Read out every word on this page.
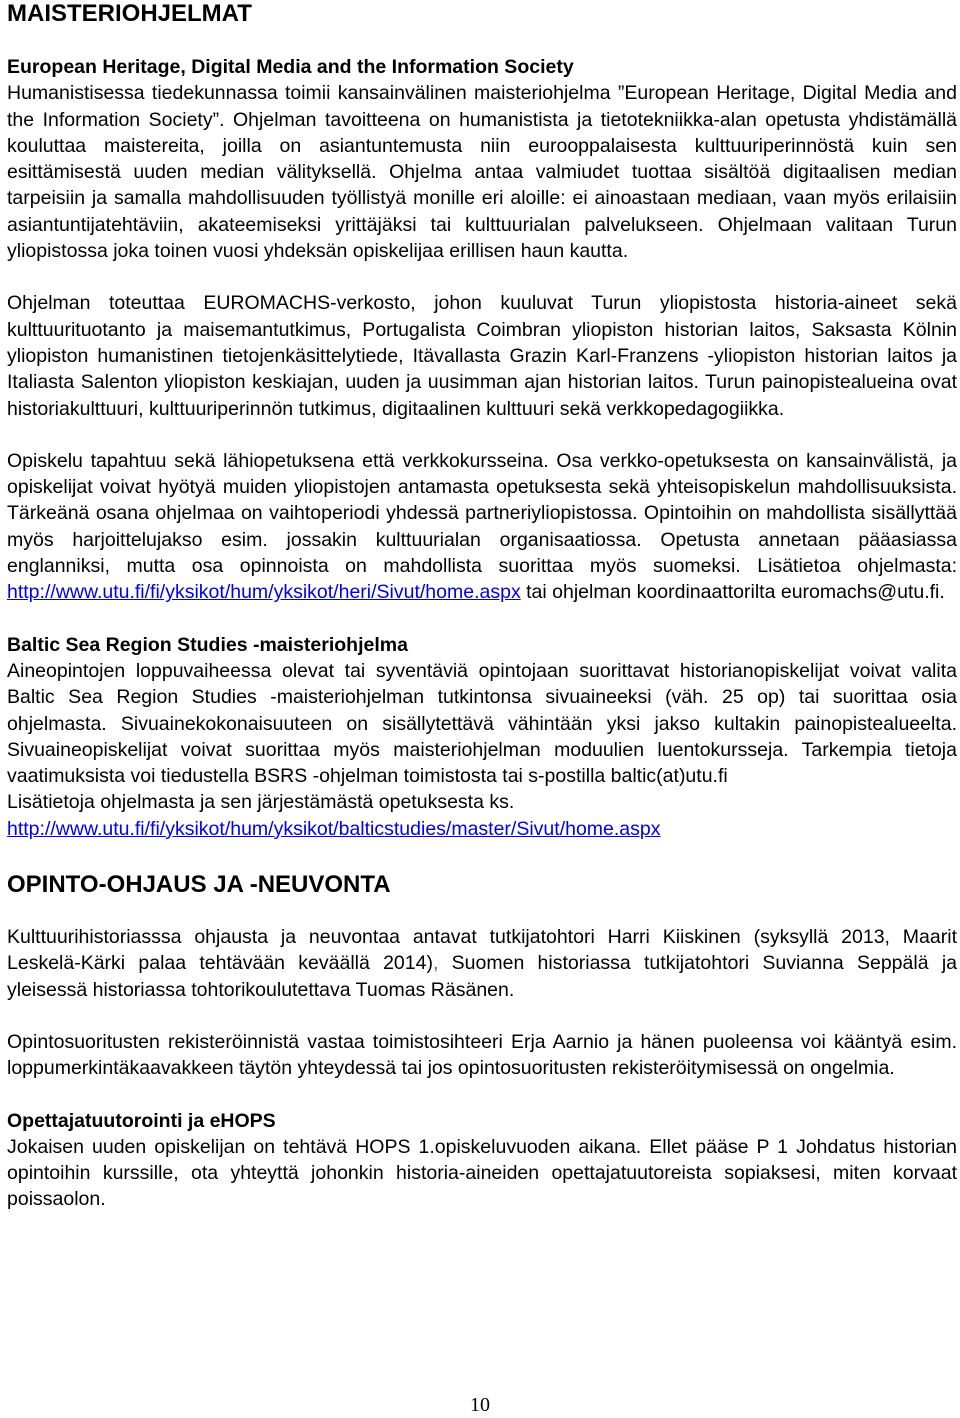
MAISTERIOHJELMAT
European Heritage, Digital Media and the Information Society

Humanistisessa tiedekunnassa toimii kansainvälinen maisteriohjelma ”European Heritage, Digital Media and the Information Society”. Ohjelman tavoitteena on humanistista ja tietotekniikka-alan opetusta yhdistämällä kouluttaa maistereita, joilla on asiantuntemusta niin eurooppalaisesta kulttuuriperinnöstä kuin sen esittämisestä uuden median välityksellä. Ohjelma antaa valmiudet tuottaa sisältöä digitaalisen median tarpeisiin ja samalla mahdollisuuden työllistyä monille eri aloille: ei ainoastaan mediaan, vaan myös erilaisiin asiantuntijatehtäviin, akateemiseksi yrittäjäksi tai kulttuurialan palvelukseen. Ohjelmaan valitaan Turun yliopistossa joka toinen vuosi yhdeksän opiskelijaa erillisen haun kautta.

Ohjelman toteuttaa EUROMACHS-verkosto, johon kuuluvat Turun yliopistosta historia-aineet sekä kulttuurituotanto ja maisemantutkimus, Portugalista Coimbran yliopiston historian laitos, Saksasta Kölnin yliopiston humanistinen tietojenkäsittelytiede, Itävallasta Grazin Karl-Franzens -yliopiston historian laitos ja Italiasta Salenton yliopiston keskiajan, uuden ja uusimman ajan historian laitos. Turun painopistealueina ovat historiakulttuuri, kulttuuriperinnön tutkimus, digitaalinen kulttuuri sekä verkkopedagogiikka.

Opiskelu tapahtuu sekä lähiopetuksena että verkkokursseina. Osa verkko-opetuksesta on kansainvälistä, ja opiskelijat voivat hyötyä muiden yliopistojen antamasta opetuksesta sekä yhteisopiskelun mahdollisuuksista. Tärkeänä osana ohjelmaa on vaihtoperiodi yhdessä partneriyliopistossa. Opintoihin on mahdollista sisällyttää myös harjoittelujakso esim. jossakin kulttuurialan organisaatiossa. Opetusta annetaan pääasiassa englanniksi, mutta osa opinnoista on mahdollista suorittaa myös suomeksi. Lisätietoa ohjelmasta: http://www.utu.fi/fi/yksikot/hum/yksikot/heri/Sivut/home.aspx tai ohjelman koordinaattorilta euromachs@utu.fi.

Baltic Sea Region Studies -maisteriohjelma

Aineopintojen loppuvaiheessa olevat tai syventäviä opintojaan suorittavat historianopiskelijat voivat valita Baltic Sea Region Studies -maisteriohjelman tutkintonsa sivuaineeksi (väh. 25 op) tai suorittaa osia ohjelmasta. Sivuainekokonaisuuteen on sisällytettävä vähintään yksi jakso kultakin painopistealueelta. Sivuaineopiskelijat voivat suorittaa myös maisteriohjelman moduulien luentokursseja. Tarkempia tietoja vaatimuksista voi tiedustella BSRS -ohjelman toimistosta tai s-postilla baltic(at)utu.fi

Lisätietoja ohjelmasta ja sen järjestämästä opetuksesta ks.

http://www.utu.fi/fi/yksikot/hum/yksikot/balticstudies/master/Sivut/home.aspx

OPINTO-OHJAUS JA -NEUVONTA

Kulttuurihistoriasssa ohjausta ja neuvontaa antavat tutkijatohtori Harri Kiiskinen (syksyllä 2013, Maarit Leskelä-Kärki palaa tehtävään keväällä 2014), Suomen historiassa tutkijatohtori Suvianna Seppälä ja yleisessä historiassa tohtorikoulutettava Tuomas Räsänen.

Opintosuoritusten rekisteröinnistä vastaa toimistosihteeri Erja Aarnio ja hänen puoleensa voi kääntyä esim. loppumerkintäkaavakkeen täytön yhteydessä tai jos opintosuoritusten rekisteröitymisessä on ongelmia.

Opettajatuutorointi ja eHOPS

Jokaisen uuden opiskelijan on tehtävä HOPS 1.opiskeluvuoden aikana. Ellet pääse P 1 Johdatus historian opintoihin kurssille, ota yhteyttä johonkin historia-aineiden opettajatuutoreista sopiaksesi, miten korvaat poissaolon.

10
